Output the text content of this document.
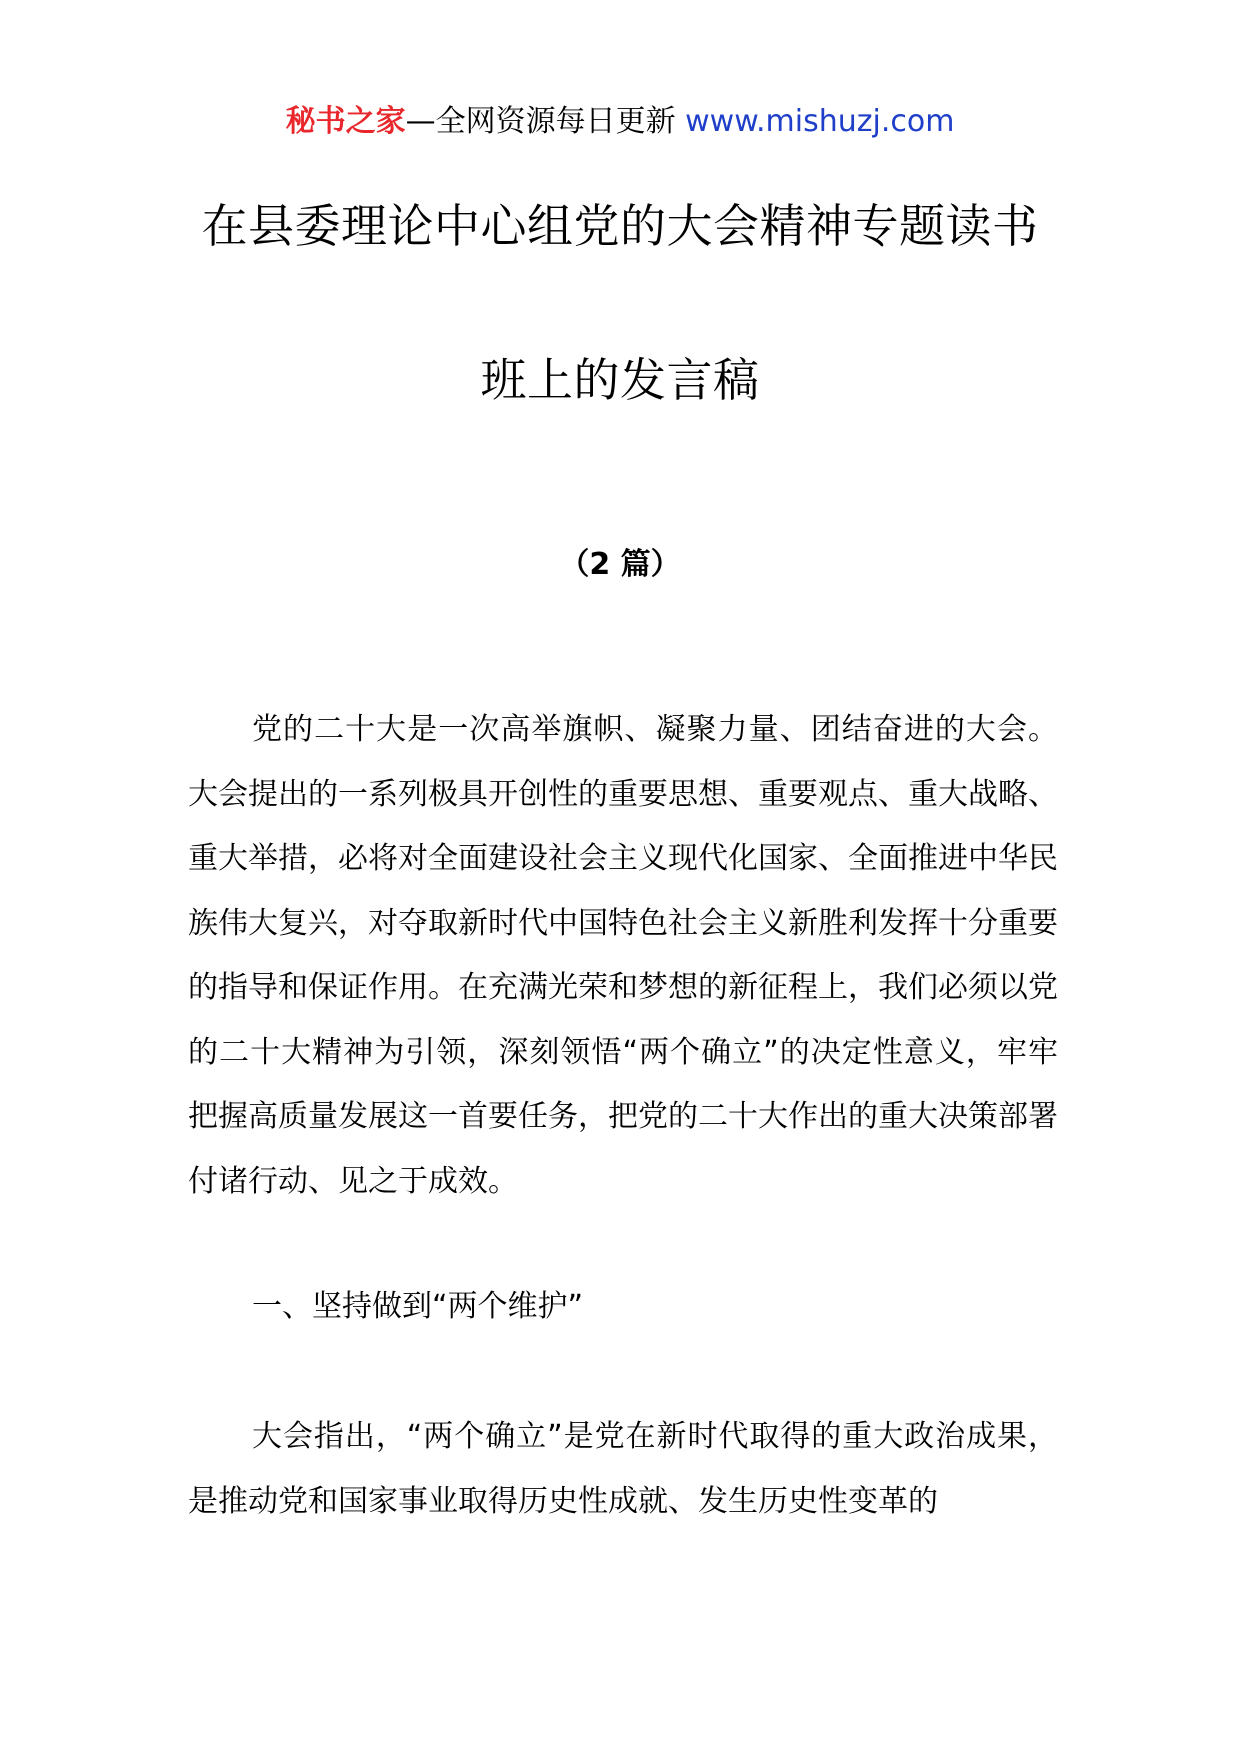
秘书之家—全网资源每日更新 www.mishuzj.com
在县委理论中心组党的大会精神专题读书
班上的发言稿
（2 篇）

党的二十大是一次高举旗帜、凝聚力量、团结奋进的大会。大会提出的一系列极具开创性的重要思想、重要观点、重大战略、重大举措，必将对全面建设社会主义现代化国家、全面推进中华民族伟大复兴，对夺取新时代中国特色社会主义新胜利发挥十分重要的指导和保证作用。在充满光荣和梦想的新征程上，我们必须以党的二十大精神为引领，深刻领悟“两个确立”的决定性意义，牢牢把握高质量发展这一首要任务，把党的二十大作出的重大决策部署付诸行动、见之于成效。

一、坚持做到“两个维护”

大会指出，“两个确立”是党在新时代取得的重大政治成果，是推动党和国家事业取得历史性成就、发生历史性变革的
